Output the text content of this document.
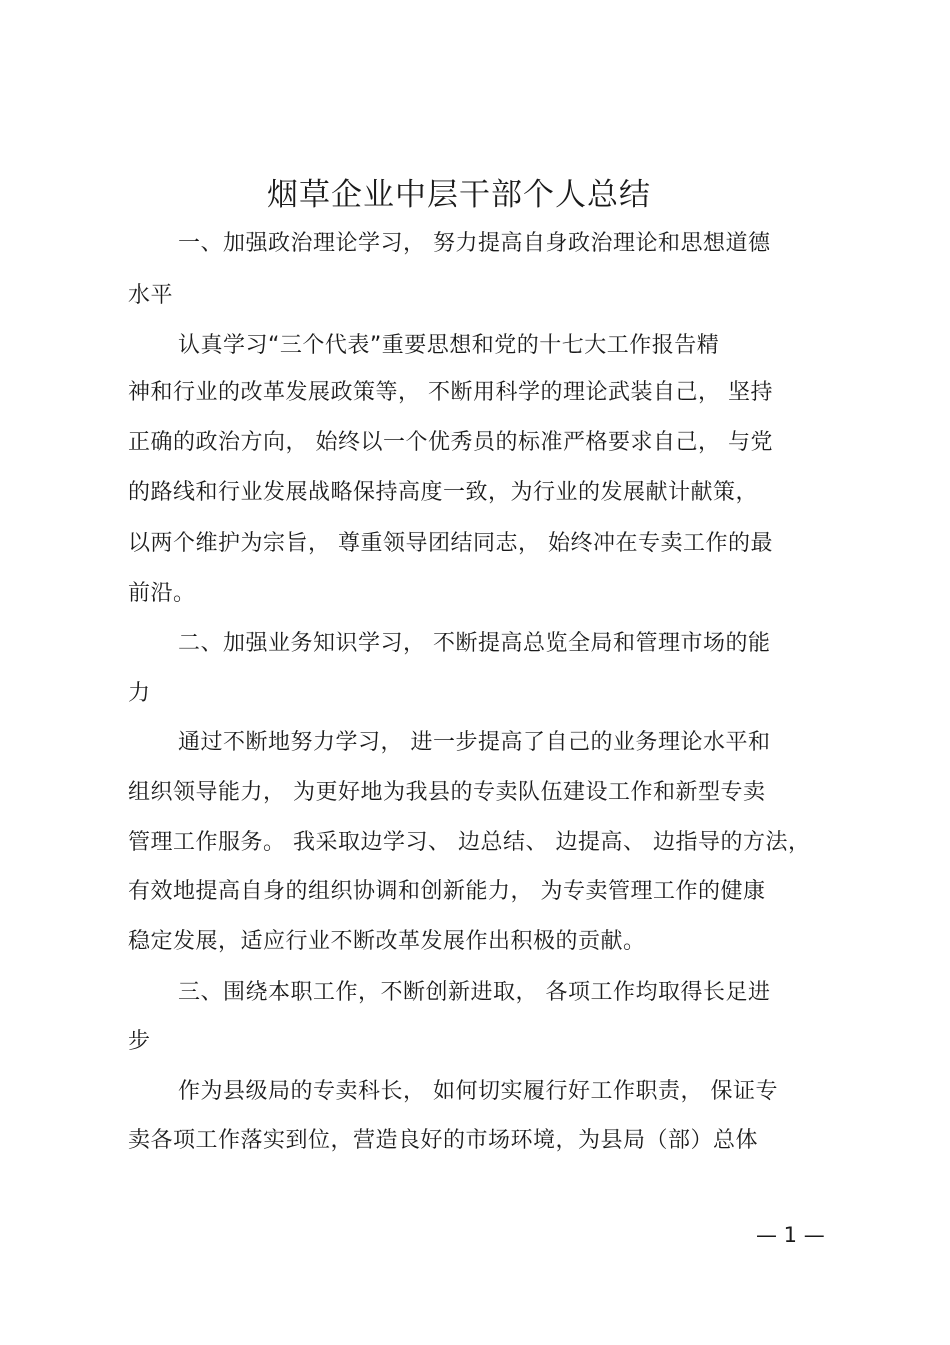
烟草企业中层干部个人总结
一、加强政治理论学习， 努力提高自身政治理论和思想道德
水平
认真学习“三个代表”重要思想和党的十七大工作报告精
神和行业的改革发展政策等， 不断用科学的理论武装自己， 坚持
正确的政治方向， 始终以一个优秀员的标准严格要求自己， 与党
的路线和行业发展战略保持高度一致，为行业的发展献计献策，
以两个维护为宗旨， 尊重领导团结同志， 始终冲在专卖工作的最
前沿。
二、加强业务知识学习， 不断提高总览全局和管理市场的能
力
通过不断地努力学习， 进一步提高了自己的业务理论水平和
组织领导能力， 为更好地为我县的专卖队伍建设工作和新型专卖
管理工作服务。 我采取边学习、 边总结、 边提高、 边指导的方法，
有效地提高自身的组织协调和创新能力， 为专卖管理工作的健康
稳定发展，适应行业不断改革发展作出积极的贡献。
三、围绕本职工作，不断创新进取， 各项工作均取得长足进
步
作为县级局的专卖科长， 如何切实履行好工作职责， 保证专
卖各项工作落实到位，营造良好的市场环境，为县局（部）总体
— 1 —
